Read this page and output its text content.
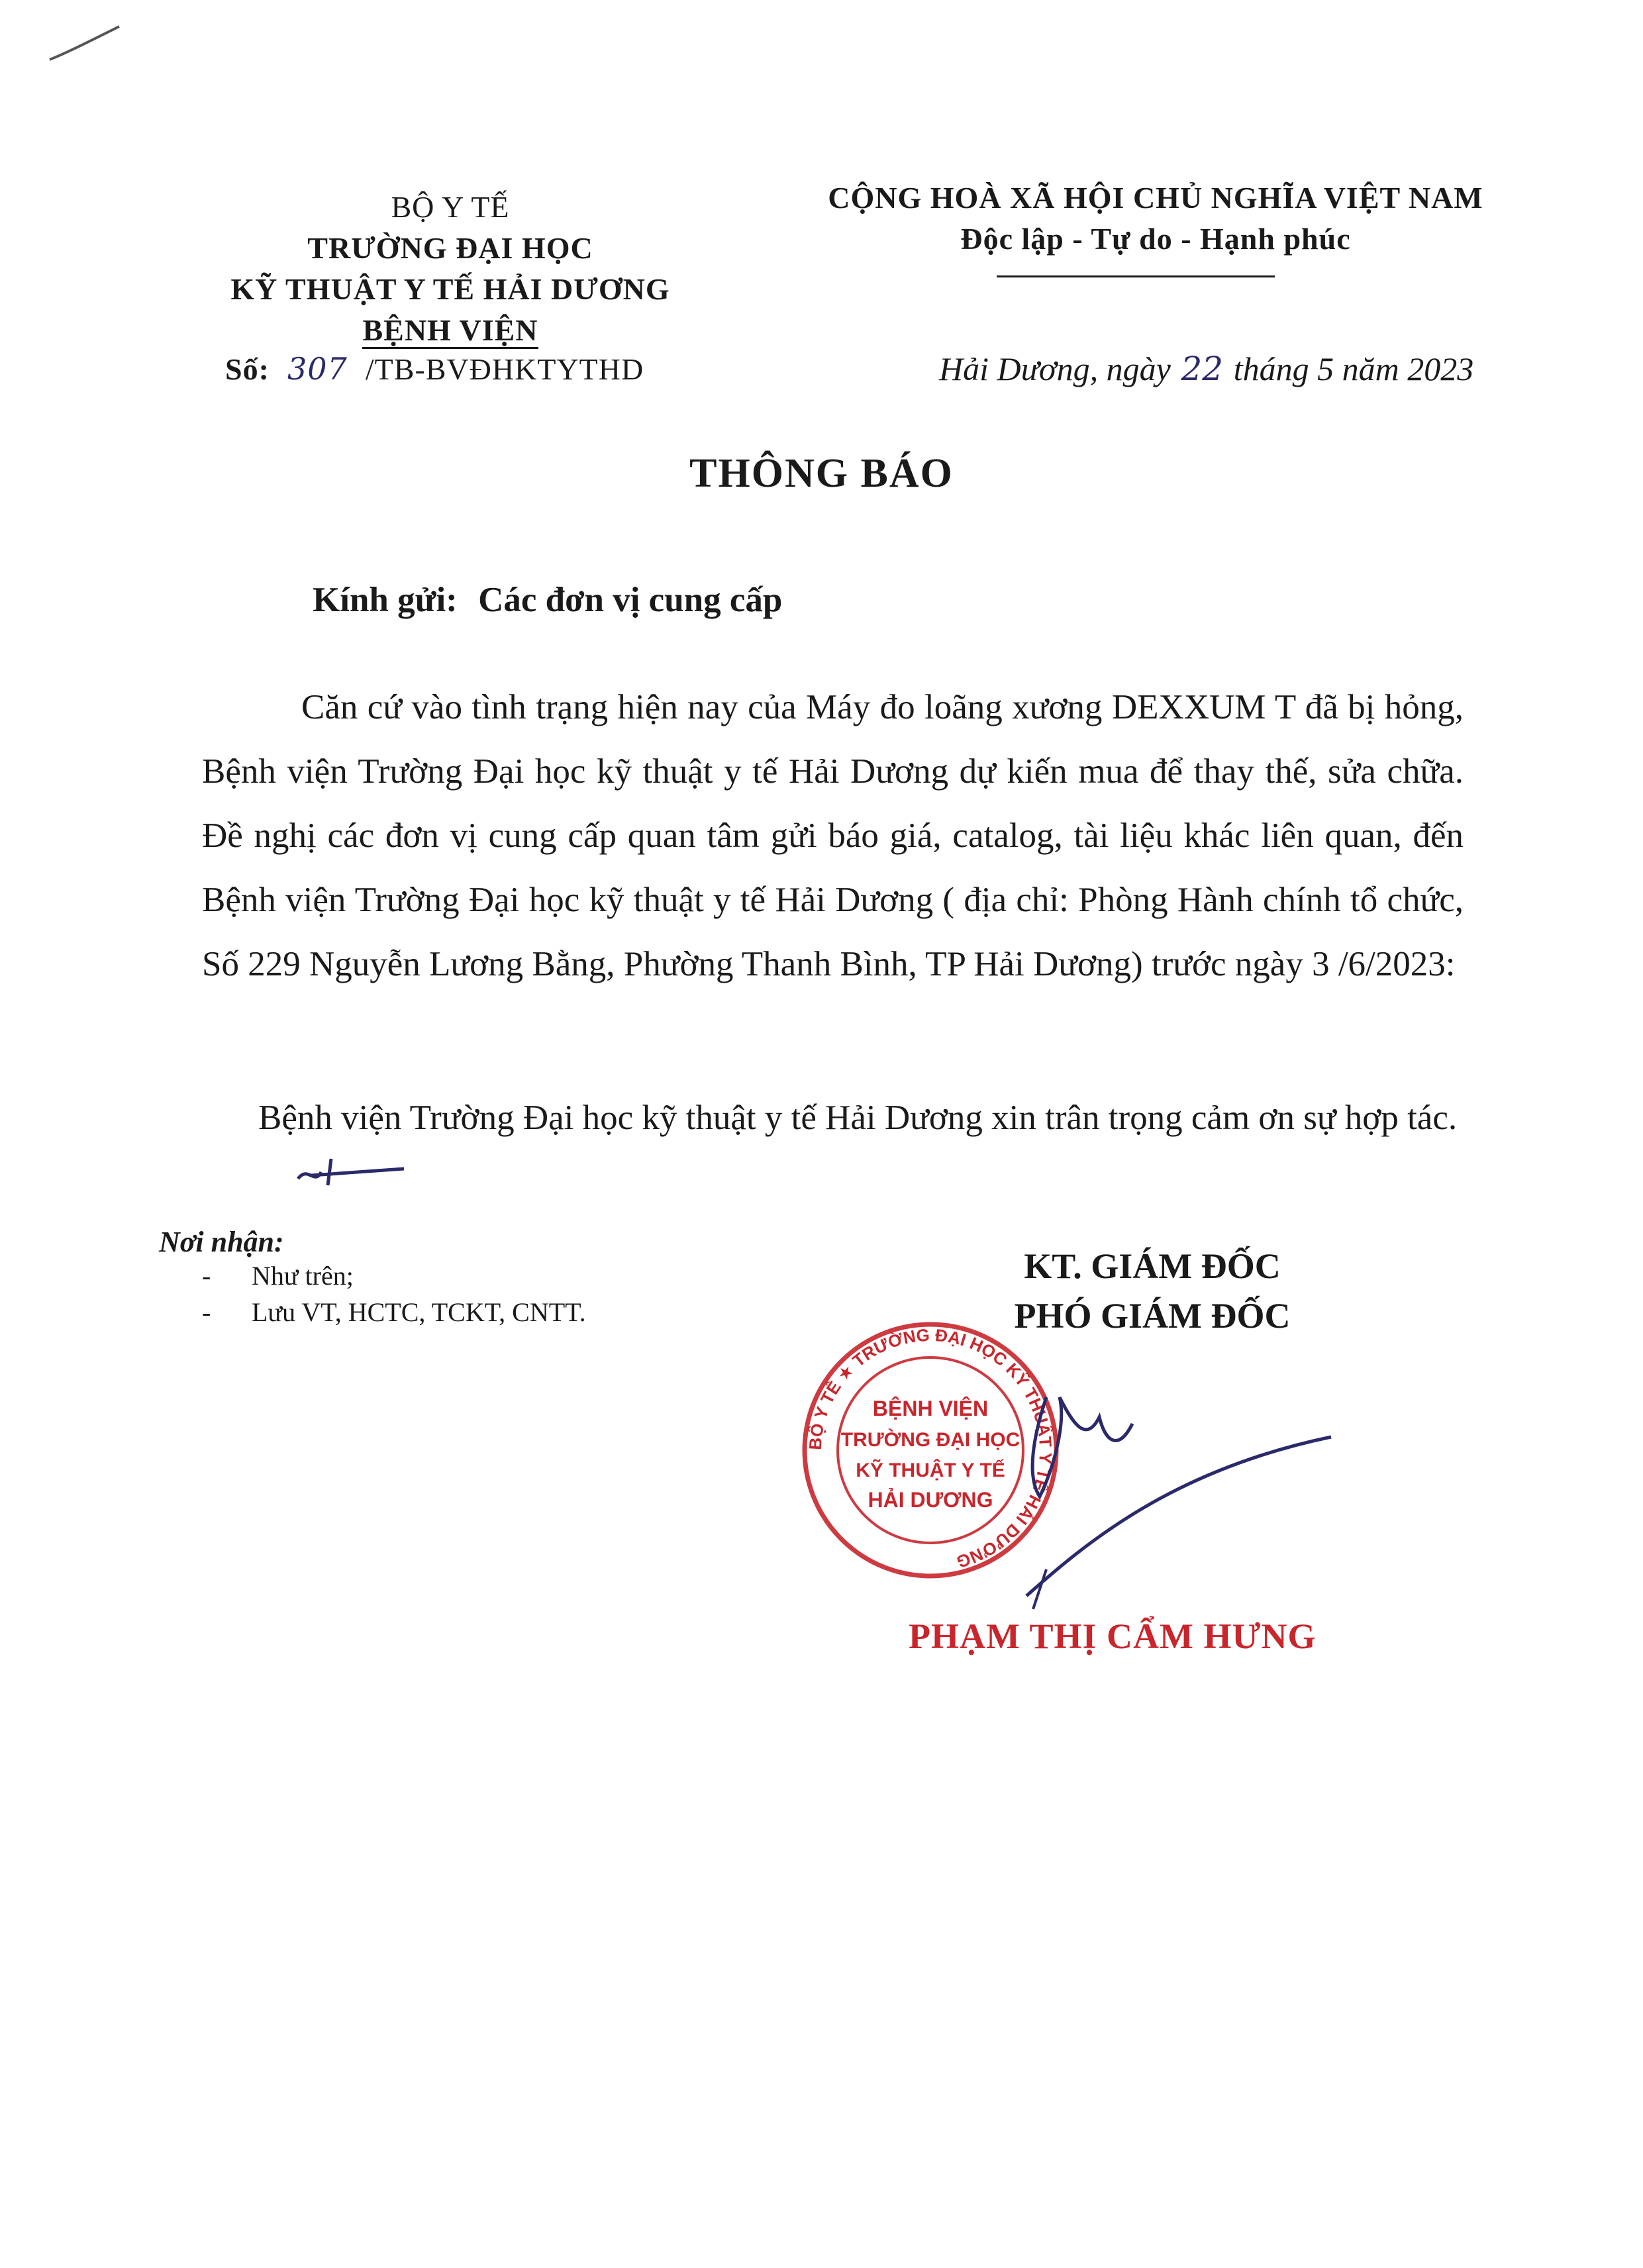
BỘ Y TẾ
TRƯỜNG ĐẠI HỌC
KỸ THUẬT Y TẾ HẢI DƯƠNG
BỆNH VIỆN
Số: 307 /TB-BVĐHKTYTHD
CỘNG HOÀ XÃ HỘI CHỦ NGHĨA VIỆT NAM
Độc lập - Tự do - Hạnh phúc
Hải Dương, ngày 22 tháng 5 năm 2023
THÔNG BÁO
Kính gửi: Các đơn vị cung cấp
Căn cứ vào tình trạng hiện nay của Máy đo loãng xương DEXXUM T đã bị hỏng, Bệnh viện Trường Đại học kỹ thuật y tế Hải Dương dự kiến mua để thay thế, sửa chữa. Đề nghị các đơn vị cung cấp quan tâm gửi báo giá, catalog, tài liệu khác liên quan, đến Bệnh viện Trường Đại học kỹ thuật y tế Hải Dương ( địa chỉ: Phòng Hành chính tổ chức, Số 229 Nguyễn Lương Bằng, Phường Thanh Bình, TP Hải Dương) trước ngày 3 /6/2023:
Bệnh viện Trường Đại học kỹ thuật y tế Hải Dương xin trân trọng cảm ơn sự hợp tác.
Nơi nhận:
- Như trên;
- Lưu VT, HCTC, TCKT, CNTT.
KT. GIÁM ĐỐC
PHÓ GIÁM ĐỐC
BỘ Y TẾ ★ TRƯỜNG ĐẠI HỌC KỸ THUẬT Y TẾ HẢI DƯƠNG
BỆNH VIỆN
TRƯỜNG ĐẠI HỌC
KỸ THUẬT Y TẾ
HẢI DƯƠNG
PHẠM THỊ CẨM HƯNG
